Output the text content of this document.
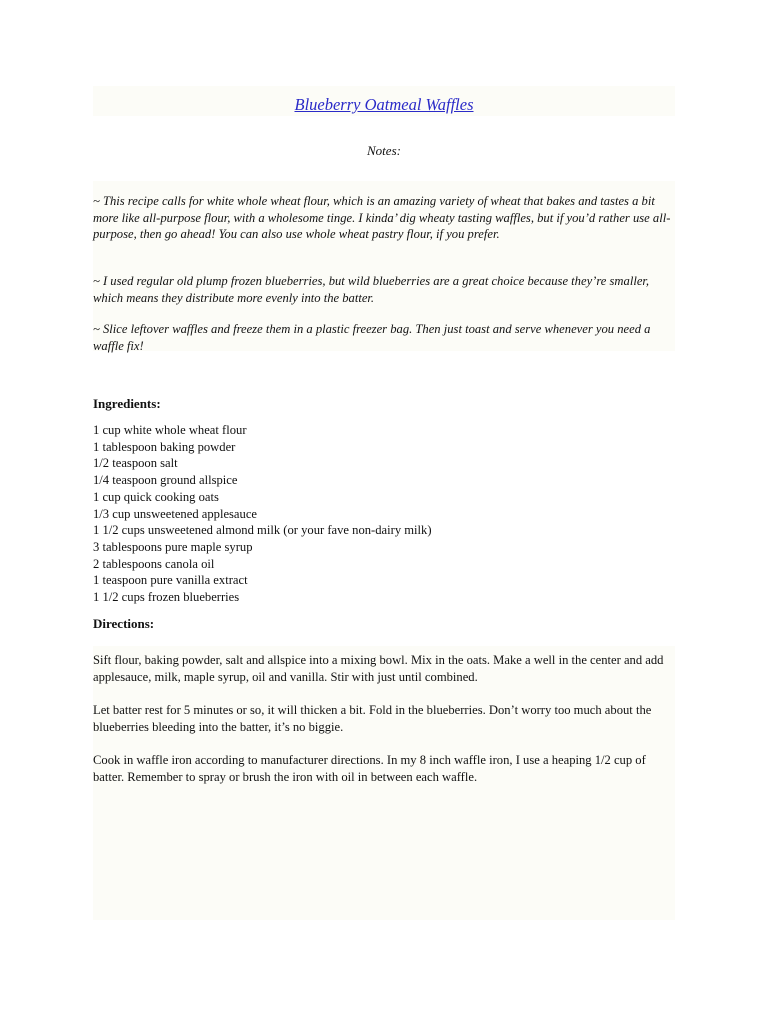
Blueberry Oatmeal Waffles
Notes:

~ This recipe calls for white whole wheat flour, which is an amazing variety of wheat that bakes and tastes a bit more like all-purpose flour, with a wholesome tinge. I kinda’ dig wheaty tasting waffles, but if you’d rather use all-purpose, then go ahead! You can also use whole wheat pastry flour, if you prefer.

~ I used regular old plump frozen blueberries, but wild blueberries are a great choice because they’re smaller, which means they distribute more evenly into the batter.

~ Slice leftover waffles and freeze them in a plastic freezer bag. Then just toast and serve whenever you need a waffle fix!

Ingredients:
1 cup white whole wheat flour
1 tablespoon baking powder
1/2 teaspoon salt
1/4 teaspoon ground allspice
1 cup quick cooking oats
1/3 cup unsweetened applesauce
1 1/2 cups unsweetened almond milk (or your fave non-dairy milk)
3 tablespoons pure maple syrup
2 tablespoons canola oil
1 teaspoon pure vanilla extract
1 1/2 cups frozen blueberries
Directions:

Sift flour, baking powder, salt and allspice into a mixing bowl. Mix in the oats. Make a well in the center and add applesauce, milk, maple syrup, oil and vanilla. Stir with just until combined.

Let batter rest for 5 minutes or so, it will thicken a bit. Fold in the blueberries. Don’t worry too much about the blueberries bleeding into the batter, it’s no biggie.

Cook in waffle iron according to manufacturer directions. In my 8 inch waffle iron, I use a heaping 1/2 cup of batter. Remember to spray or brush the iron with oil in between each waffle.
